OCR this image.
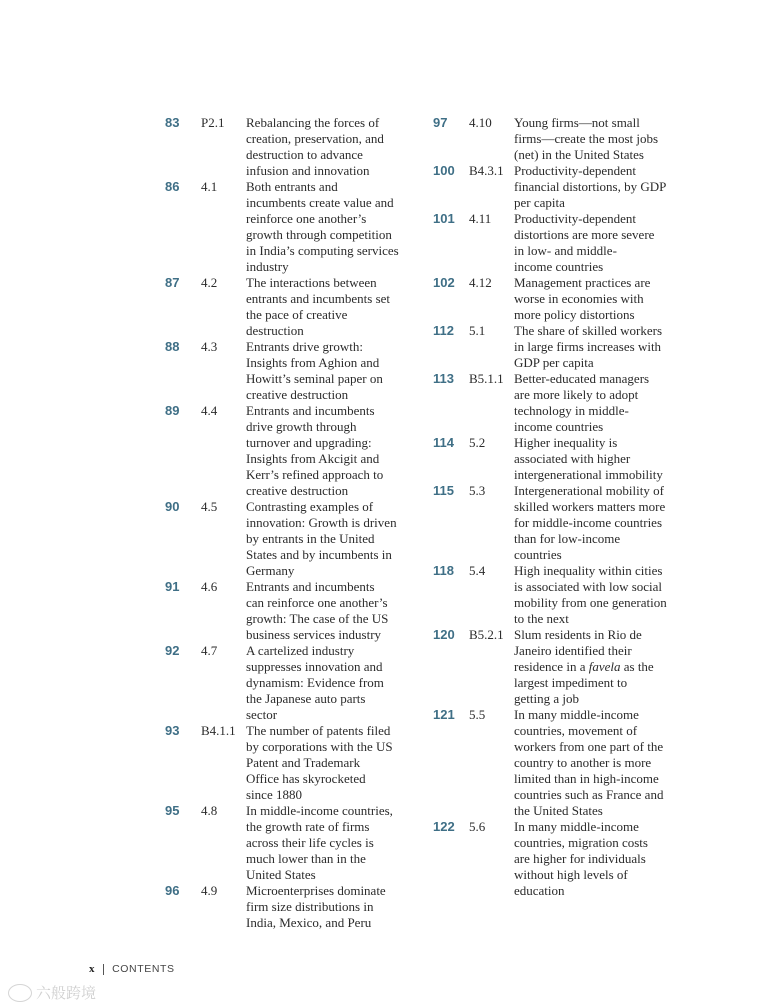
83	P2.1	Rebalancing the forces of
creation, preservation, and
destruction to advance
infusion and innovation
86	4.1	Both entrants and
incumbents create value and
reinforce one another’s
growth through competition
in India’s computing services
industry
87	4.2	The interactions between
entrants and incumbents set
the pace of creative
destruction
88	4.3	Entrants drive growth:
Insights from Aghion and
Howitt’s seminal paper on
creative destruction
89	4.4	Entrants and incumbents
drive growth through
turnover and upgrading:
Insights from Akcigit and
Kerr’s refined approach to
creative destruction
90	4.5	Contrasting examples of
innovation: Growth is driven
by entrants in the United
States and by incumbents in
Germany
91	4.6	Entrants and incumbents
can reinforce one another’s
growth: The case of the US
business services industry
92	4.7	A cartelized industry
suppresses innovation and
dynamism: Evidence from
the Japanese auto parts
sector
93	B4.1.1 The number of patents filed
by corporations with the US
Patent and Trademark
Office has skyrocketed
since 1880
95	4.8	In middle-income countries,
the growth rate of firms
across their life cycles is
much lower than in the
United States
96	4.9	Microenterprises dominate
firm size distributions in
India, Mexico, and Peru
97	4.10	Young firms—not small
firms—create the most jobs
(net) in the United States
100	B4.3.1 Productivity-dependent
financial distortions, by GDP
per capita
101	4.11	Productivity-dependent
distortions are more severe
in low- and middle-
income countries
102	4.12	Management practices are
worse in economies with
more policy distortions
112	5.1	The share of skilled workers
in large firms increases with
GDP per capita
113	B5.1.1 Better-educated managers
are more likely to adopt
technology in middle-
income countries
114	5.2	Higher inequality is
associated with higher
intergenerational immobility
115	5.3	Intergenerational mobility of
skilled workers matters more
for middle-income countries
than for low-income
countries
118	5.4	High inequality within cities
is associated with low social
mobility from one generation
to the next
120	B5.2.1 Slum residents in Rio de
Janeiro identified their
residence in a favela as the
largest impediment to
getting a job
121	5.5	In many middle-income
countries, movement of
workers from one part of the
country to another is more
limited than in high-income
countries such as France and
the United States
122	5.6	In many middle-income
countries, migration costs
are higher for individuals
without high levels of
education
x CONTENTS
六般跨境
